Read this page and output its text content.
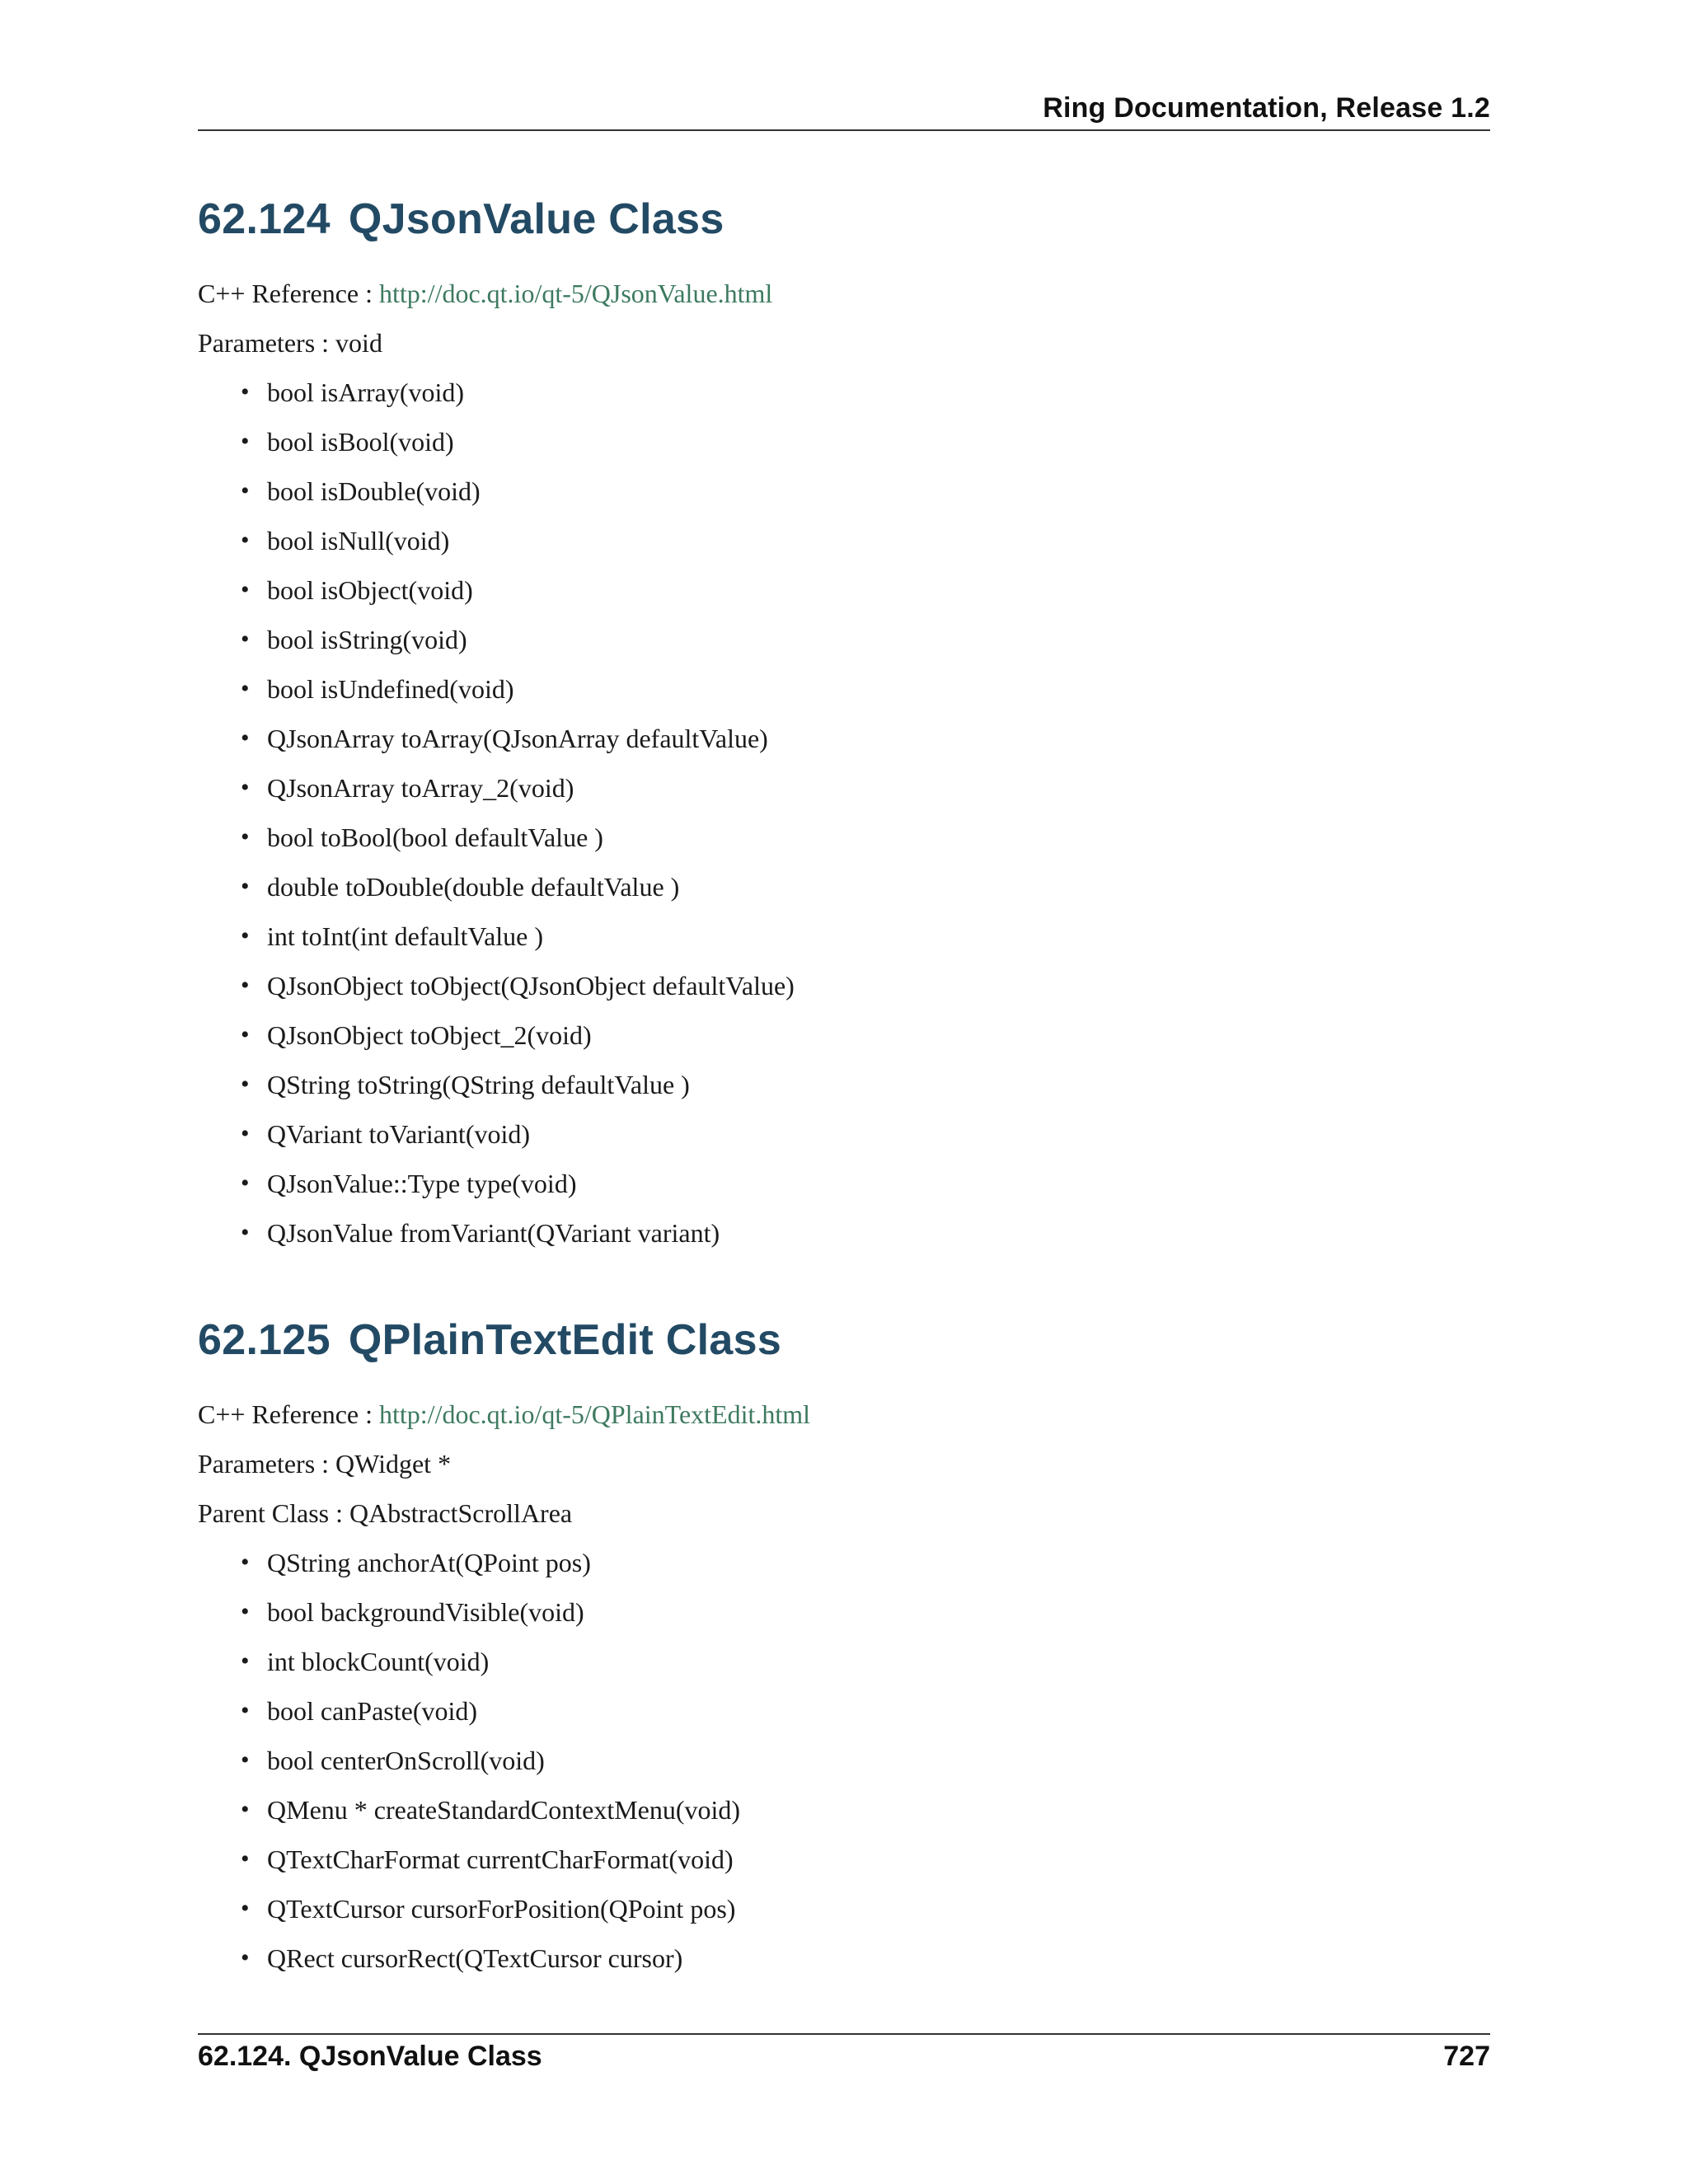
Ring Documentation, Release 1.2
62.124 QJsonValue Class

C++ Reference : http://doc.qt.io/qt-5/QJsonValue.html

Parameters : void

• bool isArray(void)
• bool isBool(void)
• bool isDouble(void)
• bool isNull(void)
• bool isObject(void)
• bool isString(void)
• bool isUndefined(void)
• QJsonArray toArray(QJsonArray defaultValue)
• QJsonArray toArray_2(void)
• bool toBool(bool defaultValue )
• double toDouble(double defaultValue )
• int toInt(int defaultValue )
• QJsonObject toObject(QJsonObject defaultValue)
• QJsonObject toObject_2(void)
• QString toString(QString defaultValue )
• QVariant toVariant(void)
• QJsonValue::Type type(void)
• QJsonValue fromVariant(QVariant variant)
62.125 QPlainTextEdit Class

C++ Reference : http://doc.qt.io/qt-5/QPlainTextEdit.html

Parameters : QWidget *

Parent Class : QAbstractScrollArea

• QString anchorAt(QPoint pos)
• bool backgroundVisible(void)
• int blockCount(void)
• bool canPaste(void)
• bool centerOnScroll(void)
• QMenu * createStandardContextMenu(void)
• QTextCharFormat currentCharFormat(void)
• QTextCursor cursorForPosition(QPoint pos)
• QRect cursorRect(QTextCursor cursor)
62.124. QJsonValue Class	727
